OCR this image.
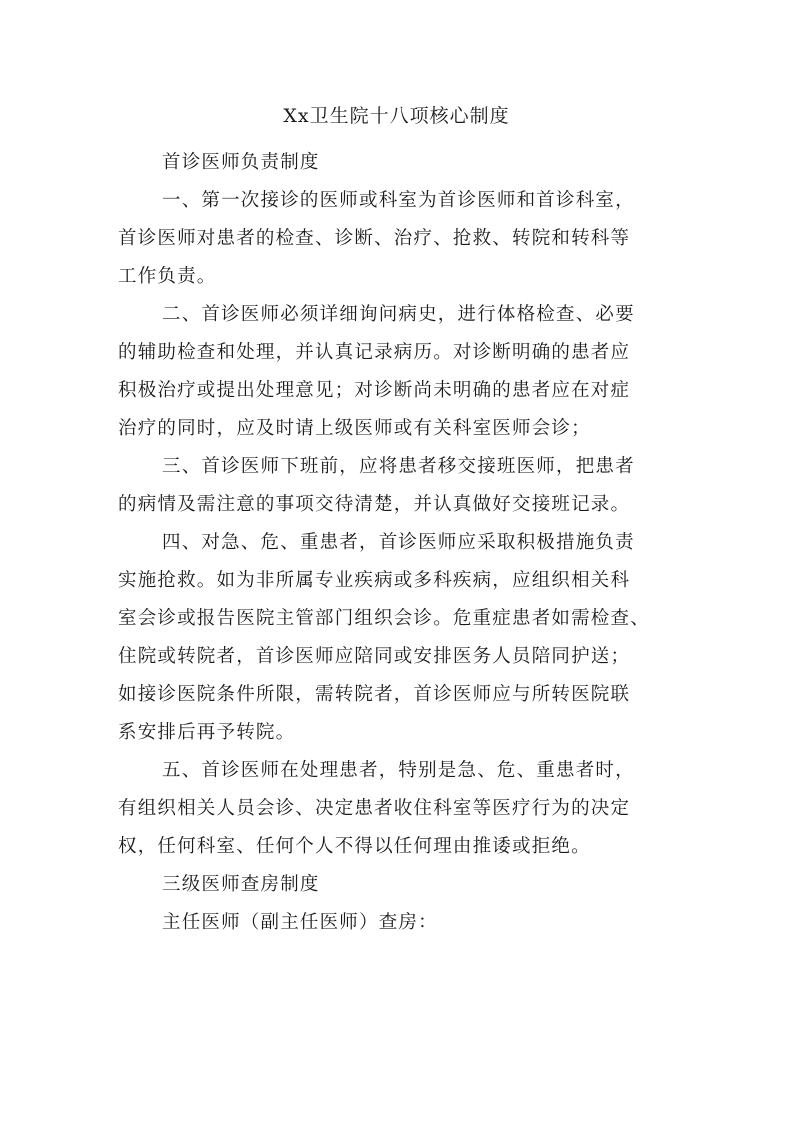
Xx卫生院十八项核心制度
首诊医师负责制度
一、第一次接诊的医师或科室为首诊医师和首诊科室，
首诊医师对患者的检查、诊断、治疗、抢救、转院和转科等
工作负责。
二、首诊医师必须详细询问病史，进行体格检查、必要
的辅助检查和处理，并认真记录病历。对诊断明确的患者应
积极治疗或提出处理意见；对诊断尚未明确的患者应在对症
治疗的同时，应及时请上级医师或有关科室医师会诊；
三、首诊医师下班前，应将患者移交接班医师，把患者
的病情及需注意的事项交待清楚，并认真做好交接班记录。
四、对急、危、重患者，首诊医师应采取积极措施负责
实施抢救。如为非所属专业疾病或多科疾病，应组织相关科
室会诊或报告医院主管部门组织会诊。危重症患者如需检查、
住院或转院者，首诊医师应陪同或安排医务人员陪同护送；
如接诊医院条件所限，需转院者，首诊医师应与所转医院联
系安排后再予转院。
五、首诊医师在处理患者，特别是急、危、重患者时，
有组织相关人员会诊、决定患者收住科室等医疗行为的决定
权，任何科室、任何个人不得以任何理由推诿或拒绝。
三级医师查房制度
主任医师（副主任医师）查房：
